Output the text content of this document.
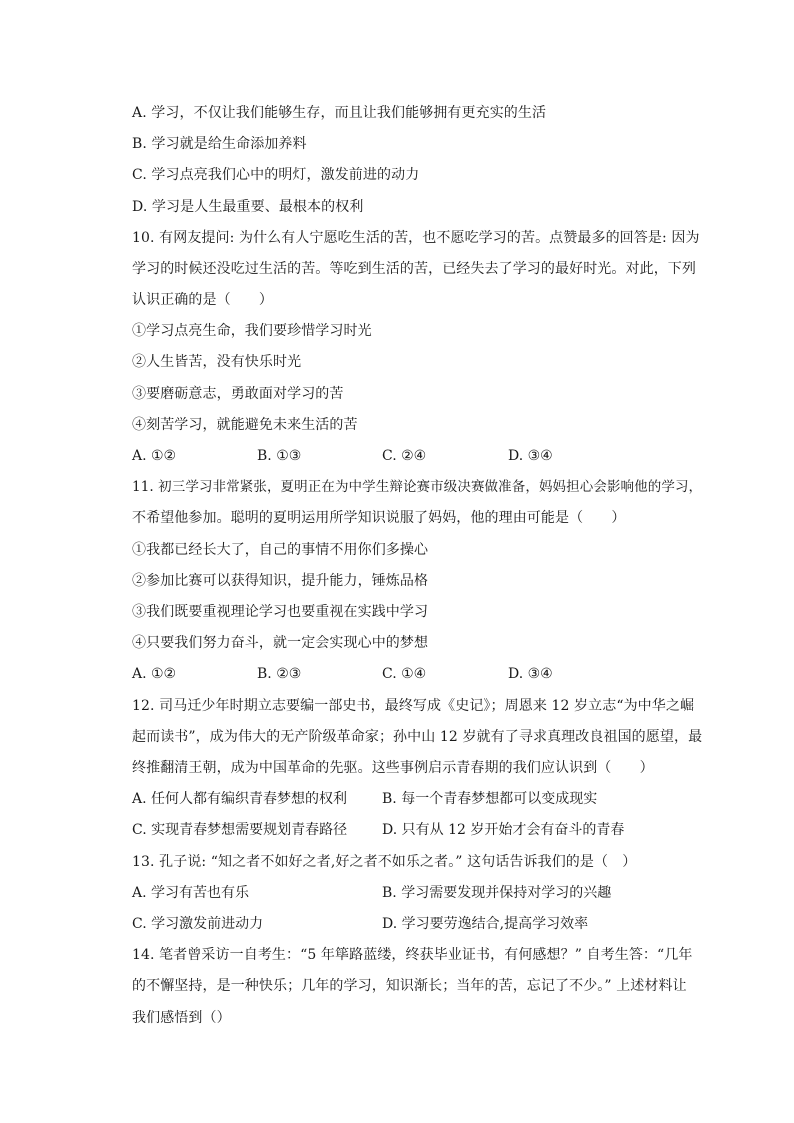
A. 学习，不仅让我们能够生存，而且让我们能够拥有更充实的生活
B. 学习就是给生命添加养料
C. 学习点亮我们心中的明灯，激发前进的动力
D. 学习是人生最重要、最根本的权利
10. 有网友提问: 为什么有人宁愿吃生活的苦，也不愿吃学习的苦。点赞最多的回答是: 因为
学习的时候还没吃过生活的苦。等吃到生活的苦，已经失去了学习的最好时光。对此，下列
认识正确的是（　　）
①学习点亮生命，我们要珍惜学习时光
②人生皆苦，没有快乐时光
③要磨砺意志，勇敢面对学习的苦
④刻苦学习，就能避免未来生活的苦
A. ①②	B. ①③	C. ②④	D. ③④
11. 初三学习非常紧张，夏明正在为中学生辩论赛市级决赛做准备，妈妈担心会影响他的学习，
不希望他参加。聪明的夏明运用所学知识说服了妈妈，他的理由可能是（　　）
①我都已经长大了，自己的事情不用你们多操心
②参加比赛可以获得知识，提升能力，锤炼品格
③我们既要重视理论学习也要重视在实践中学习
④只要我们努力奋斗，就一定会实现心中的梦想
A. ①②	B. ②③	C. ①④	D. ③④
12. 司马迁少年时期立志要编一部史书，最终写成《史记》；周恩来 12 岁立志“为中华之崛
起而读书”，成为伟大的无产阶级革命家；孙中山 12 岁就有了寻求真理改良祖国的愿望，最
终推翻清王朝，成为中国革命的先驱。这些事例启示青春期的我们应认识到（　　）
A. 任何人都有编织青春梦想的权利 B. 每一个青春梦想都可以变成现实
C. 实现青春梦想需要规划青春路径 D. 只有从 12 岁开始才会有奋斗的青春
13. 孔子说: “知之者不如好之者,好之者不如乐之者。” 这句话告诉我们的是（　）
A. 学习有苦也有乐	B. 学习需要发现并保持对学习的兴趣
C. 学习激发前进动力	D. 学习要劳逸结合,提高学习效率
14. 笔者曾采访一自考生：“5 年筚路蓝缕，终获毕业证书，有何感想？” 自考生答：“几年
的不懈坚持，是一种快乐；几年的学习，知识渐长；当年的苦，忘记了不少。” 上述材料让
我们感悟到（）
